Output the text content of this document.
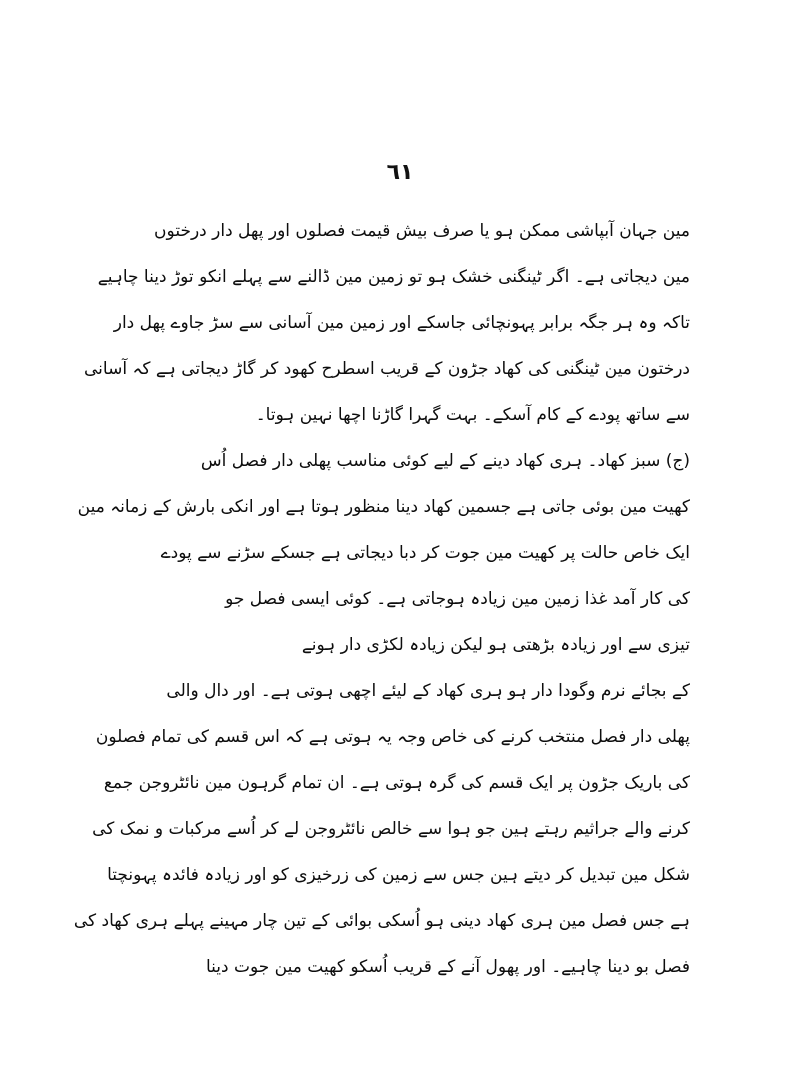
٦١
مین جہان آبپاشی ممکن ہو یا صرف بیش قیمت فصلوں اور پھل دار درختوں
مین دیجاتی ہے۔ اگر ٹینگنی خشک ہو تو زمین مین ڈالنے سے پہلے انکو توڑ دینا چاہیے
تاکہ وہ ہر جگہ برابر پہونچائی جاسکے اور زمین مین آسانی سے سڑ جاوے پھل دار
درختون مین ٹینگنی کی کھاد جڑون کے قریب اسطرح کھود کر گاڑ دیجاتی ہے کہ آسانی
سے ساتھ پودے کے کام آسکے۔ بہت گہرا گاڑنا اچھا نہین ہوتا۔
(ج) سبز کھاد۔ ہری کھاد دینے کے لیے کوئی مناسب پھلی دار فصل اُس
کھیت مین بوئی جاتی ہے جسمین کھاد دینا منظور ہوتا ہے اور انکی بارش کے زمانہ مین
ایک خاص حالت پر کھیت مین جوت کر دبا دیجاتی ہے جسکے سڑنے سے پودے
کی کار آمد غذا زمین مین زیادہ ہوجاتی ہے۔ کوئی ایسی فصل جو
تیزی سے اور زیادہ بڑھتی ہو لیکن زیادہ لکڑی دار ہونے
کے بجائے نرم وگودا دار ہو ہری کھاد کے لیئے اچھی ہوتی ہے۔ اور دال والی
پھلی دار فصل منتخب کرنے کی خاص وجہ یہ ہوتی ہے کہ اس قسم کی تمام فصلون
کی باریک جڑون پر ایک قسم کی گرہ ہوتی ہے۔ ان تمام گرہون مین نائٹروجن جمع
کرنے والے جراثیم رہتے ہین جو ہوا سے خالص نائٹروجن لے کر اُسے مرکبات و نمک کی
شکل مین تبدیل کر دیتے ہین جس سے زمین کی زرخیزی کو اور زیادہ فائدہ پہونچتا
ہے جس فصل مین ہری کھاد دینی ہو اُسکی بوائی کے تین چار مہینے پہلے ہری کھاد کی
فصل بو دینا چاہیے۔ اور پھول آنے کے قریب اُسکو کھیت مین جوت دینا
